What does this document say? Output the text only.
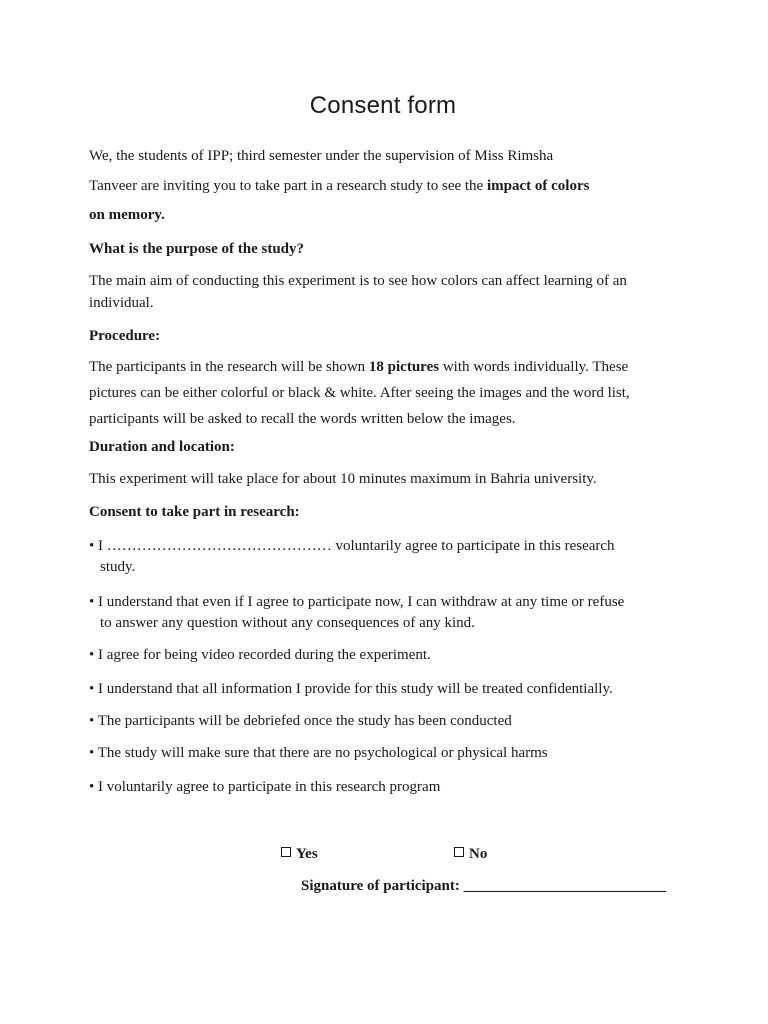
Consent form
We, the students of IPP; third semester under the supervision of Miss Rimsha
Tanveer are inviting you to take part in a research study to see the impact of colors
on memory.
What is the purpose of the study?
The main aim of conducting this experiment is to see how colors can affect learning of an
individual.
Procedure:
The participants in the research will be shown 18 pictures with words individually. These
pictures can be either colorful or black & white. After seeing the images and the word list,
participants will be asked to recall the words written below the images.
Duration and location:
This experiment will take place for about 10 minutes maximum in Bahria university.
Consent to take part in research:
• I ……………………………………… voluntarily agree to participate in this research
study.
• I understand that even if I agree to participate now, I can withdraw at any time or refuse
to answer any question without any consequences of any kind.
• I agree for being video recorded during the experiment.
• I understand that all information I provide for this study will be treated confidentially.
• The participants will be debriefed once the study has been conducted
• The study will make sure that there are no psychological or physical harms
• I voluntarily agree to participate in this research program
Yes	No
Signature of participant: ___________________________
